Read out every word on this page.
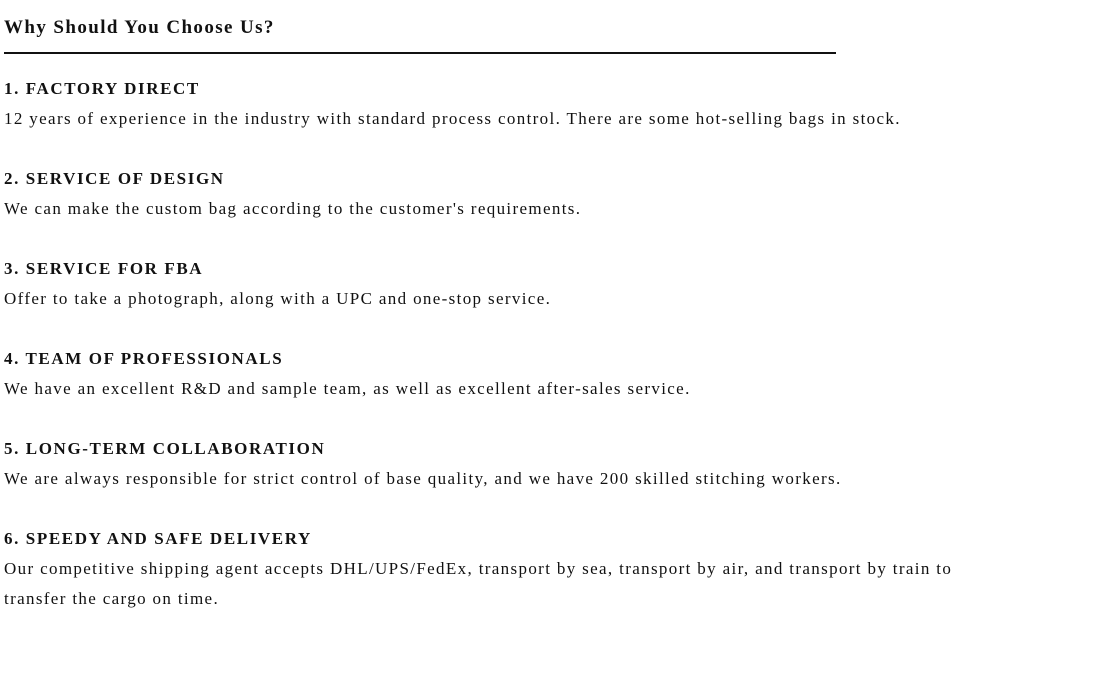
Why Should You Choose Us?
1. FACTORY DIRECT

12 years of experience in the industry with standard process control. There are some hot-selling bags in stock.

2. SERVICE OF DESIGN

We can make the custom bag according to the customer's requirements.

3. SERVICE FOR FBA

Offer to take a photograph, along with a UPC and one-stop service.

4. TEAM OF PROFESSIONALS

We have an excellent R&D and sample team, as well as excellent after-sales service.

5. LONG-TERM COLLABORATION

We are always responsible for strict control of base quality, and we have 200 skilled stitching workers.

6. SPEEDY AND SAFE DELIVERY

Our competitive shipping agent accepts DHL/UPS/FedEx, transport by sea, transport by air, and transport by train to transfer the cargo on time.
